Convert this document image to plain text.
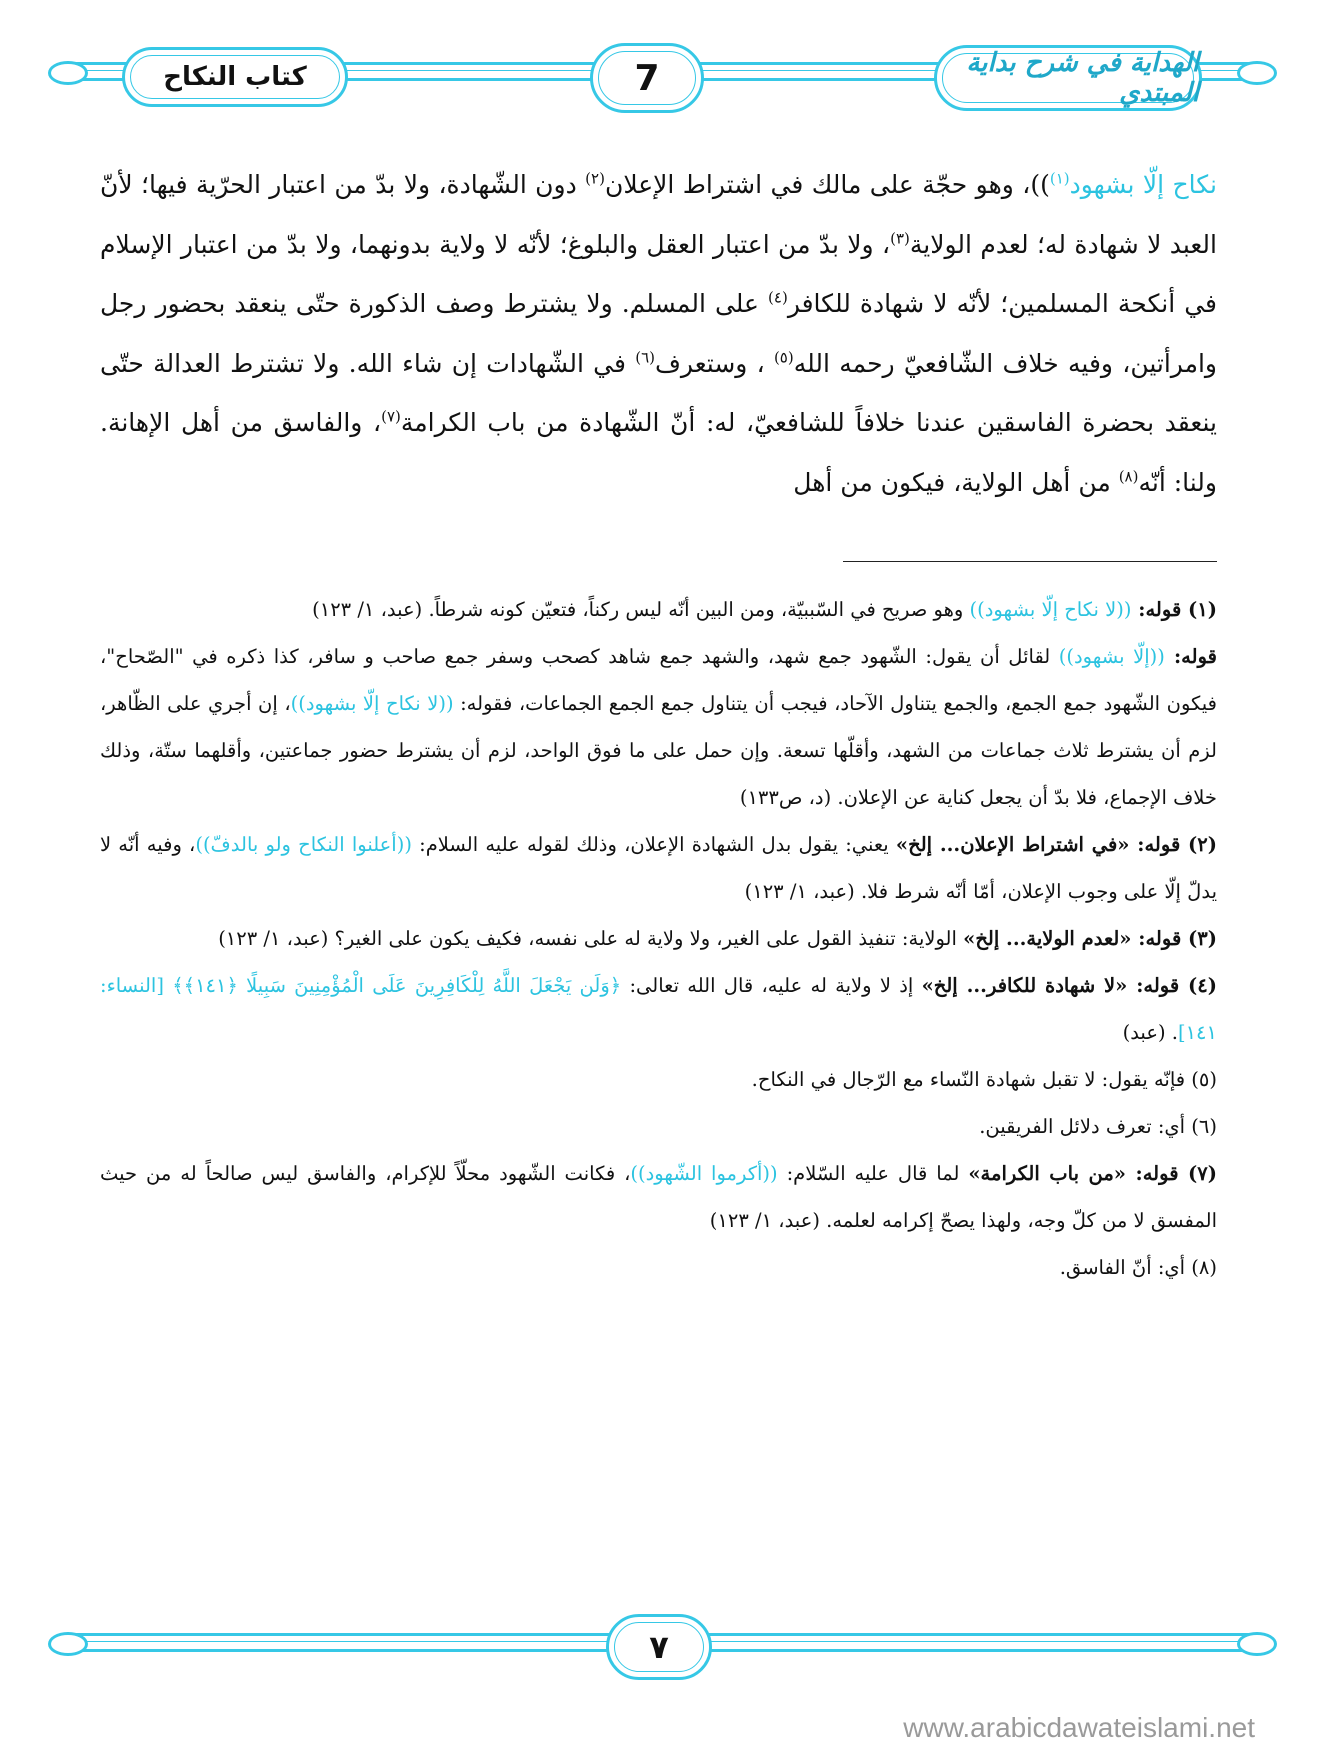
كتاب النكاح	7	الهداية في شرح بداية المبتدي

نكاح إلّا بشهود$^{(١)}$))، وهو حجّة على مالك في اشتراط الإعلان$^{(٢)}$ دون الشّهادة، ولا بدّ من اعتبار الحرّية فيها؛ لأنّ العبد لا شهادة له؛ لعدم الولاية$^{(٣)}$، ولا بدّ من اعتبار العقل والبلوغ؛ لأنّه لا ولاية بدونهما، ولا بدّ من اعتبار الإسلام في أنكحة المسلمين؛ لأنّه لا شهادة للكافر$^{(٤)}$ على المسلم. ولا يشترط وصف الذكورة حتّى ينعقد بحضور رجل وامرأتين، وفيه خلاف الشّافعيّ رحمه الله$^{(٥)}$ ، وستعرف$^{(٦)}$ في الشّهادات إن شاء الله. ولا تشترط العدالة حتّى ينعقد بحضرة الفاسقين عندنا خلافاً للشافعيّ، له: أنّ الشّهادة من باب الكرامة$^{(٧)}$، والفاسق من أهل الإهانة. ولنا: أنّه$^{(٨)}$ من أهل الولاية، فيكون من أهل

(١) قوله: ((لا نكاح إلّا بشهود)) وهو صريح في السّببيّة، ومن البين أنّه ليس ركناً، فتعيّن كونه شرطاً. (عبد، ١/ ١٢٣)

قوله: ((إلّا بشهود)) لقائل أن يقول: الشّهود جمع شهد، والشهد جمع شاهد كصحب وسفر جمع صاحب و سافر، كذا ذكره في "الصّحاح"، فيكون الشّهود جمع الجمع، والجمع يتناول الآحاد، فيجب أن يتناول جمع الجمع الجماعات، فقوله: ((لا نكاح إلّا بشهود))، إن أجري على الظّاهر، لزم أن يشترط ثلاث جماعات من الشهد، وأقلّها تسعة. وإن حمل على ما فوق الواحد، لزم أن يشترط حضور جماعتين، وأقلهما ستّة، وذلك خلاف الإجماع، فلا بدّ أن يجعل كناية عن الإعلان. (د، ص١٣٣)

(٢) قوله: «في اشتراط الإعلان... إلخ» يعني: يقول بدل الشهادة الإعلان، وذلك لقوله عليه السلام: ((أعلنوا النكاح ولو بالدفّ))، وفيه أنّه لا يدلّ إلّا على وجوب الإعلان، أمّا أنّه شرط فلا. (عبد، ١/ ١٢٣)

(٣) قوله: «لعدم الولاية... إلخ» الولاية: تنفيذ القول على الغير، ولا ولاية له على نفسه، فكيف يكون على الغير؟ (عبد، ١/ ١٢٣)

(٤) قوله: «لا شهادة للكافر... إلخ» إذ لا ولاية له عليه، قال الله تعالى: ﴿وَلَن يَجْعَلَ اللَّهُ لِلْكَافِرِينَ عَلَى الْمُؤْمِنِينَ سَبِيلًا ﴿١٤١﴾﴾ [النساء: ١٤١]. (عبد)

(٥) فإنّه يقول: لا تقبل شهادة النّساء مع الرّجال في النكاح.

(٦) أي: تعرف دلائل الفريقين.

(٧) قوله: «من باب الكرامة» لما قال عليه السّلام: ((أكرموا الشّهود))، فكانت الشّهود محلّاً للإكرام، والفاسق ليس صالحاً له من حيث المفسق لا من كلّ وجه، ولهذا يصحّ إكرامه لعلمه. (عبد، ١/ ١٢٣)

(٨) أي: أنّ الفاسق.

٧
www.arabicdawateislami.net
